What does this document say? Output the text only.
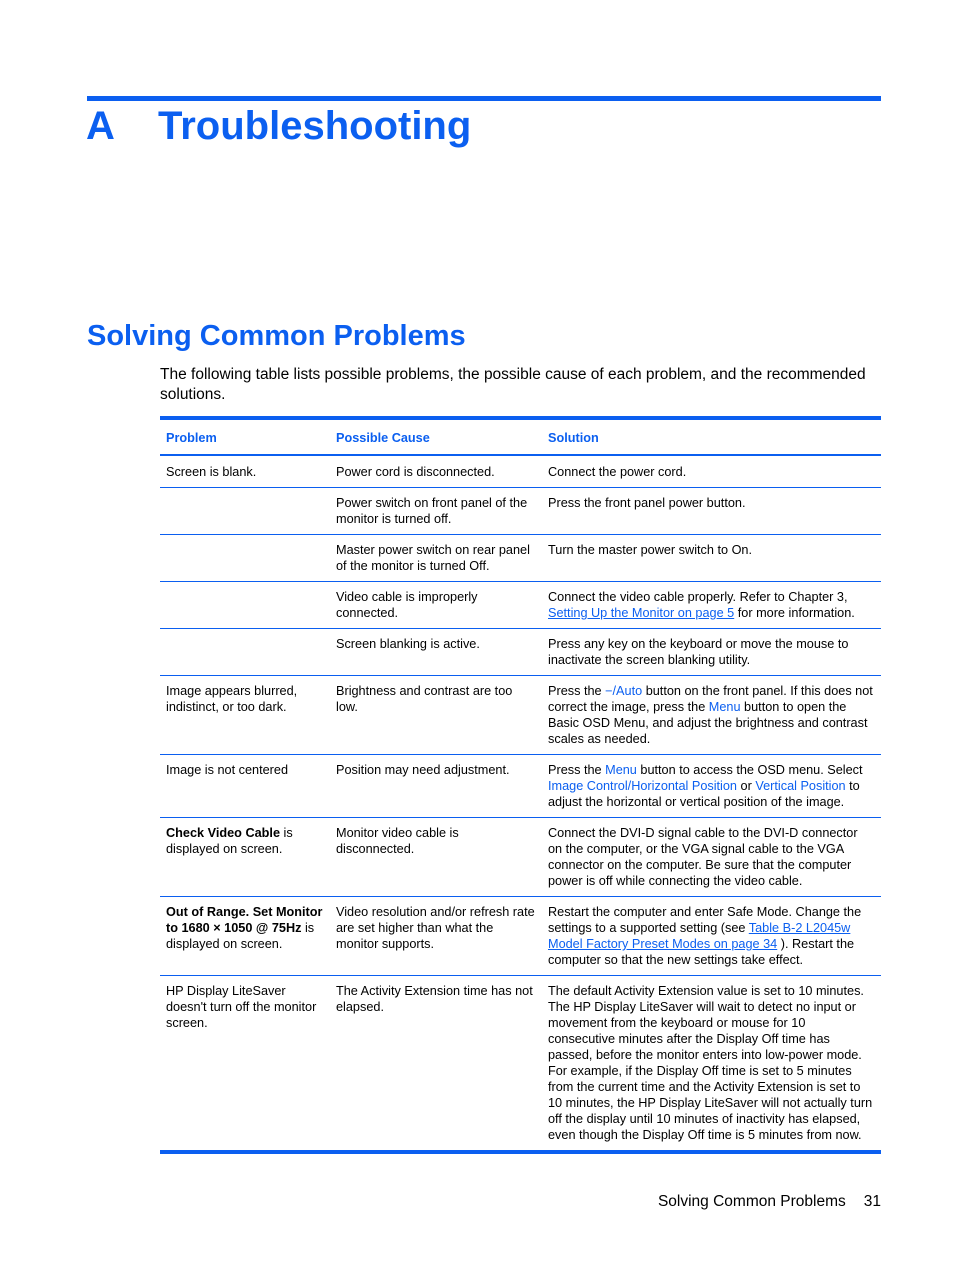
A Troubleshooting
Solving Common Problems

The following table lists possible problems, the possible cause of each problem, and the recommended solutions.

Problem	Possible Cause	Solution
Screen is blank.	Power cord is disconnected.	Connect the power cord.
	Power switch on front panel of the monitor is turned off.	Press the front panel power button.
	Master power switch on rear panel of the monitor is turned Off.	Turn the master power switch to On.
	Video cable is improperly connected.	Connect the video cable properly. Refer to Chapter 3, Setting Up the Monitor on page 5 for more information.
	Screen blanking is active.	Press any key on the keyboard or move the mouse to inactivate the screen blanking utility.
Image appears blurred, indistinct, or too dark.	Brightness and contrast are too low.	Press the −/Auto button on the front panel. If this does not correct the image, press the Menu button to open the Basic OSD Menu, and adjust the brightness and contrast scales as needed.
Image is not centered	Position may need adjustment.	Press the Menu button to access the OSD menu. Select Image Control/Horizontal Position or Vertical Position to adjust the horizontal or vertical position of the image.
Check Video Cable is displayed on screen.	Monitor video cable is disconnected.	Connect the DVI-D signal cable to the DVI-D connector on the computer, or the VGA signal cable to the VGA connector on the computer. Be sure that the computer power is off while connecting the video cable.
Out of Range. Set Monitor to 1680 × 1050 @ 75Hz is displayed on screen.	Video resolution and/or refresh rate are set higher than what the monitor supports.	Restart the computer and enter Safe Mode. Change the settings to a supported setting (see Table B-2 L2045w Model Factory Preset Modes on page 34 ). Restart the computer so that the new settings take effect.
HP Display LiteSaver doesn't turn off the monitor screen.	The Activity Extension time has not elapsed.	The default Activity Extension value is set to 10 minutes. The HP Display LiteSaver will wait to detect no input or movement from the keyboard or mouse for 10 consecutive minutes after the Display Off time has passed, before the monitor enters into low-power mode. For example, if the Display Off time is set to 5 minutes from the current time and the Activity Extension is set to 10 minutes, the HP Display LiteSaver will not actually turn off the display until 10 minutes of inactivity has elapsed, even though the Display Off time is 5 minutes from now.
Solving Common Problems 31
